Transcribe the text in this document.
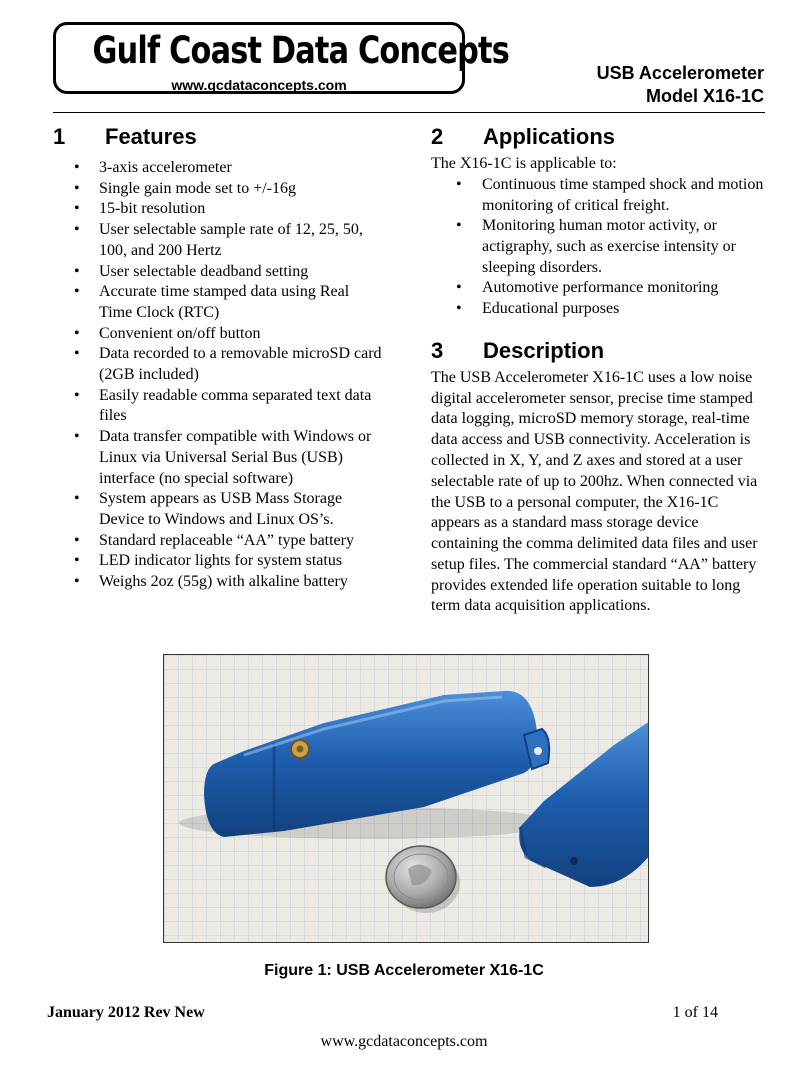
Gulf Coast Data Concepts
www.gcdataconcepts.com
USB Accelerometer
Model X16-1C
1	Features
• 3-axis accelerometer
• Single gain mode set to +/-16g
• 15-bit resolution
• User selectable sample rate of 12, 25, 50, 100, and 200 Hertz
• User selectable deadband setting
• Accurate time stamped data using Real Time Clock (RTC)
• Convenient on/off button
• Data recorded to a removable microSD card (2GB included)
• Easily readable comma separated text data files
• Data transfer compatible with Windows or Linux via Universal Serial Bus (USB) interface (no special software)
• System appears as USB Mass Storage Device to Windows and Linux OS’s.
• Standard replaceable “AA” type battery
• LED indicator lights for system status
• Weighs 2oz (55g) with alkaline battery
2	Applications

The X16-1C is applicable to:

• Continuous time stamped shock and motion monitoring of critical freight.
• Monitoring human motor activity, or actigraphy, such as exercise intensity or sleeping disorders.
• Automotive performance monitoring
• Educational purposes
3	Description

The USB Accelerometer X16-1C uses a low noise digital accelerometer sensor, precise time stamped data logging, microSD memory storage, real-time data access and USB connectivity. Acceleration is collected in X, Y, and Z axes and stored at a user selectable rate of up to 200hz. When connected via the USB to a personal computer, the X16-1C appears as a standard mass storage device containing the comma delimited data files and user setup files. The commercial standard “AA” battery provides extended life operation suitable to long term data acquisition applications.

Figure 1: USB Accelerometer X16-1C
January 2012 Rev New	1 of 14
www.gcdataconcepts.com
